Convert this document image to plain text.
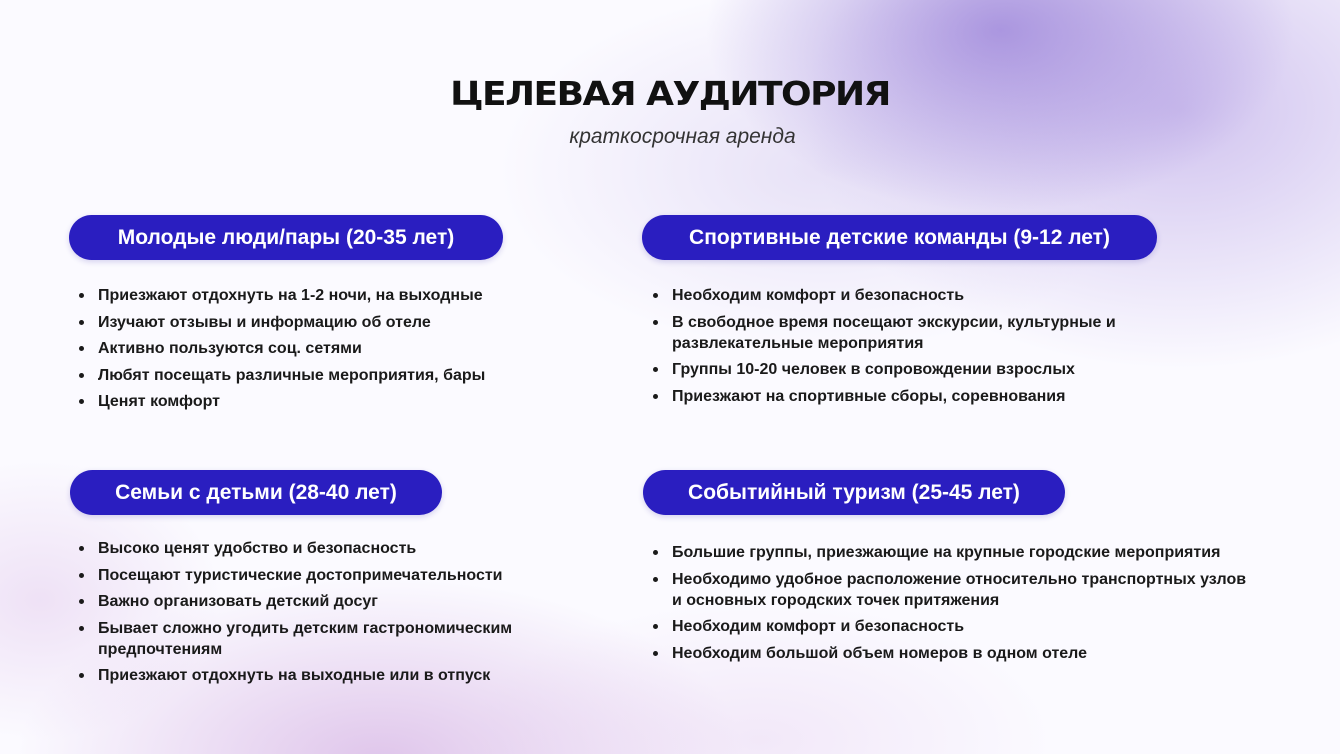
ЦЕЛЕВАЯ АУДИТОРИЯ
краткосрочная аренда
Молодые люди/пары (20-35 лет)
Приезжают отдохнуть на 1-2 ночи, на выходные
Изучают отзывы и информацию об отеле
Активно пользуются соц. сетями
Любят посещать различные мероприятия, бары
Ценят комфорт
Спортивные детские команды (9-12 лет)
Необходим комфорт и безопасность
В свободное время посещают экскурсии, культурные и развлекательные мероприятия
Группы 10-20 человек в сопровождении взрослых
Приезжают на спортивные сборы, соревнования
Семьи с детьми (28-40 лет)
Высоко ценят удобство и безопасность
Посещают туристические достопримечательности
Важно организовать детский досуг
Бывает сложно угодить детским гастрономическим предпочтениям
Приезжают отдохнуть на выходные или в отпуск
Событийный туризм (25-45 лет)
Большие группы, приезжающие на крупные городские мероприятия
Необходимо удобное расположение относительно транспортных узлов и основных городских точек притяжения
Необходим комфорт и безопасность
Необходим большой объем номеров в одном отеле
